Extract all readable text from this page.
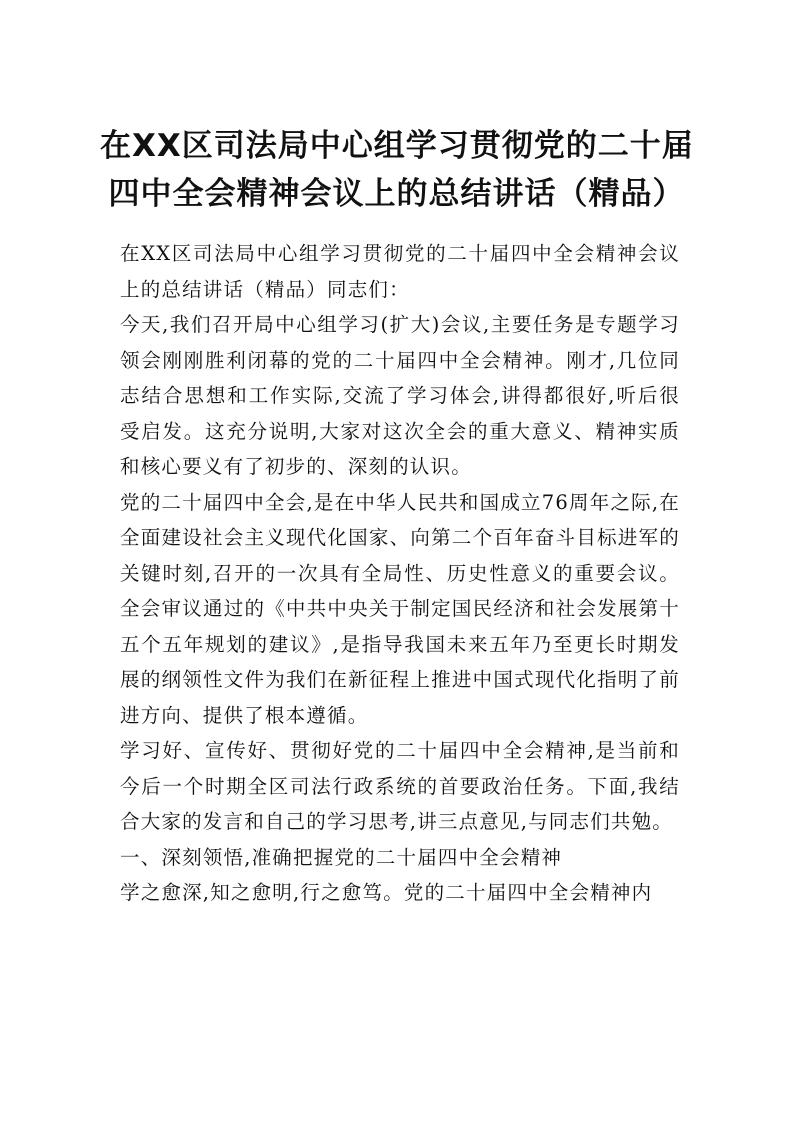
在XX区司法局中心组学习贯彻党的二十届
四中全会精神会议上的总结讲话（精品）

在XX区司法局中心组学习贯彻党的二十届四中全会精神会议上的总结讲话（精品）同志们：

今天,我们召开局中心组学习(扩大)会议,主要任务是专题学习领会刚刚胜利闭幕的党的二十届四中全会精神。刚才,几位同志结合思想和工作实际,交流了学习体会,讲得都很好,听后很受启发。这充分说明,大家对这次全会的重大意义、精神实质和核心要义有了初步的、深刻的认识。

党的二十届四中全会,是在中华人民共和国成立76周年之际,在全面建设社会主义现代化国家、向第二个百年奋斗目标进军的关键时刻,召开的一次具有全局性、历史性意义的重要会议。全会审议通过的《中共中央关于制定国民经济和社会发展第十五个五年规划的建议》,是指导我国未来五年乃至更长时期发展的纲领性文件为我们在新征程上推进中国式现代化指明了前进方向、提供了根本遵循。

学习好、宣传好、贯彻好党的二十届四中全会精神,是当前和今后一个时期全区司法行政系统的首要政治任务。下面,我结合大家的发言和自己的学习思考,讲三点意见,与同志们共勉。

一、深刻领悟,准确把握党的二十届四中全会精神

学之愈深,知之愈明,行之愈笃。党的二十届四中全会精神内
